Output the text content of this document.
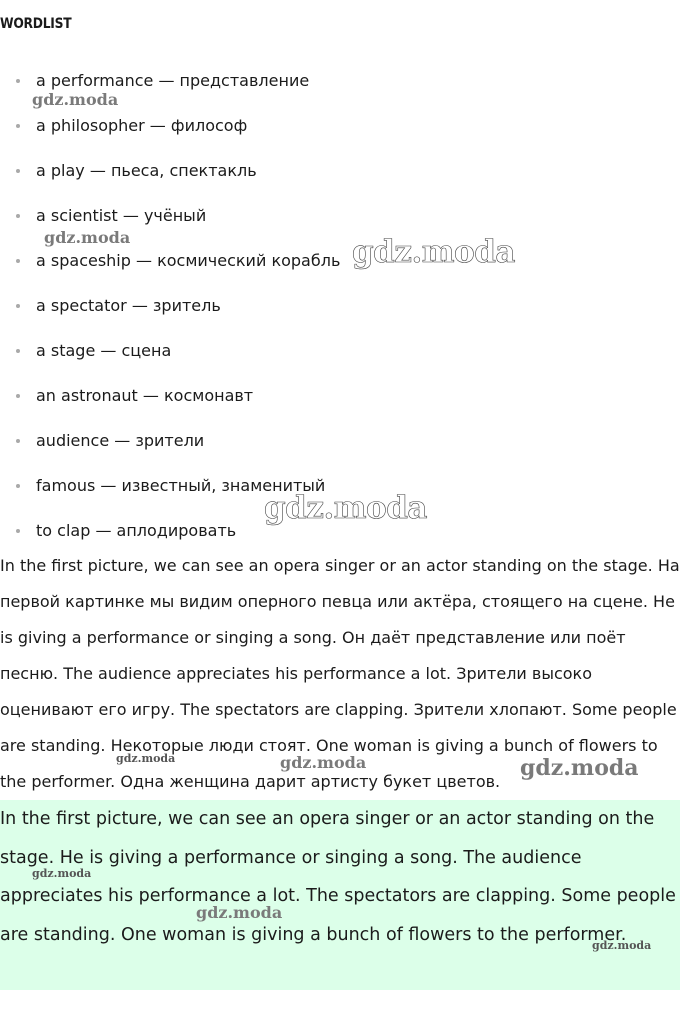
WORDLIST
a performance — представление
a philosopher — философ
a play — пьеса, спектакль
a scientist — учёный
a spaceship — космический корабль
a spectator — зритель
a stage — сцена
an astronaut — космонавт
audience — зрители
famous — известный, знаменитый
to clap — аплодировать
In the first picture, we can see an opera singer or an actor standing on the stage. На первой картинке мы видим оперного певца или актёра, стоящего на сцене. He is giving a performance or singing a song. Он даёт представление или поёт песню. The audience appreciates his performance a lot. Зрители высоко оценивают его игру. The spectators are clapping. Зрители хлопают. Some people are standing. Некоторые люди стоят. One woman is giving a bunch of flowers to the performer. Одна женщина дарит артисту букет цветов.

In the first picture, we can see an opera singer or an actor standing on the stage. He is giving a performance or singing a song. The audience appreciates his performance a lot. The spectators are clapping. Some people are standing. One woman is giving a bunch of flowers to the performer.

gdz.moda
gdz.moda	gdz.moda
gdz.moda
gdz.moda	gdz.moda
gdz.moda
gdz.moda
gdz.moda
gdz.moda
